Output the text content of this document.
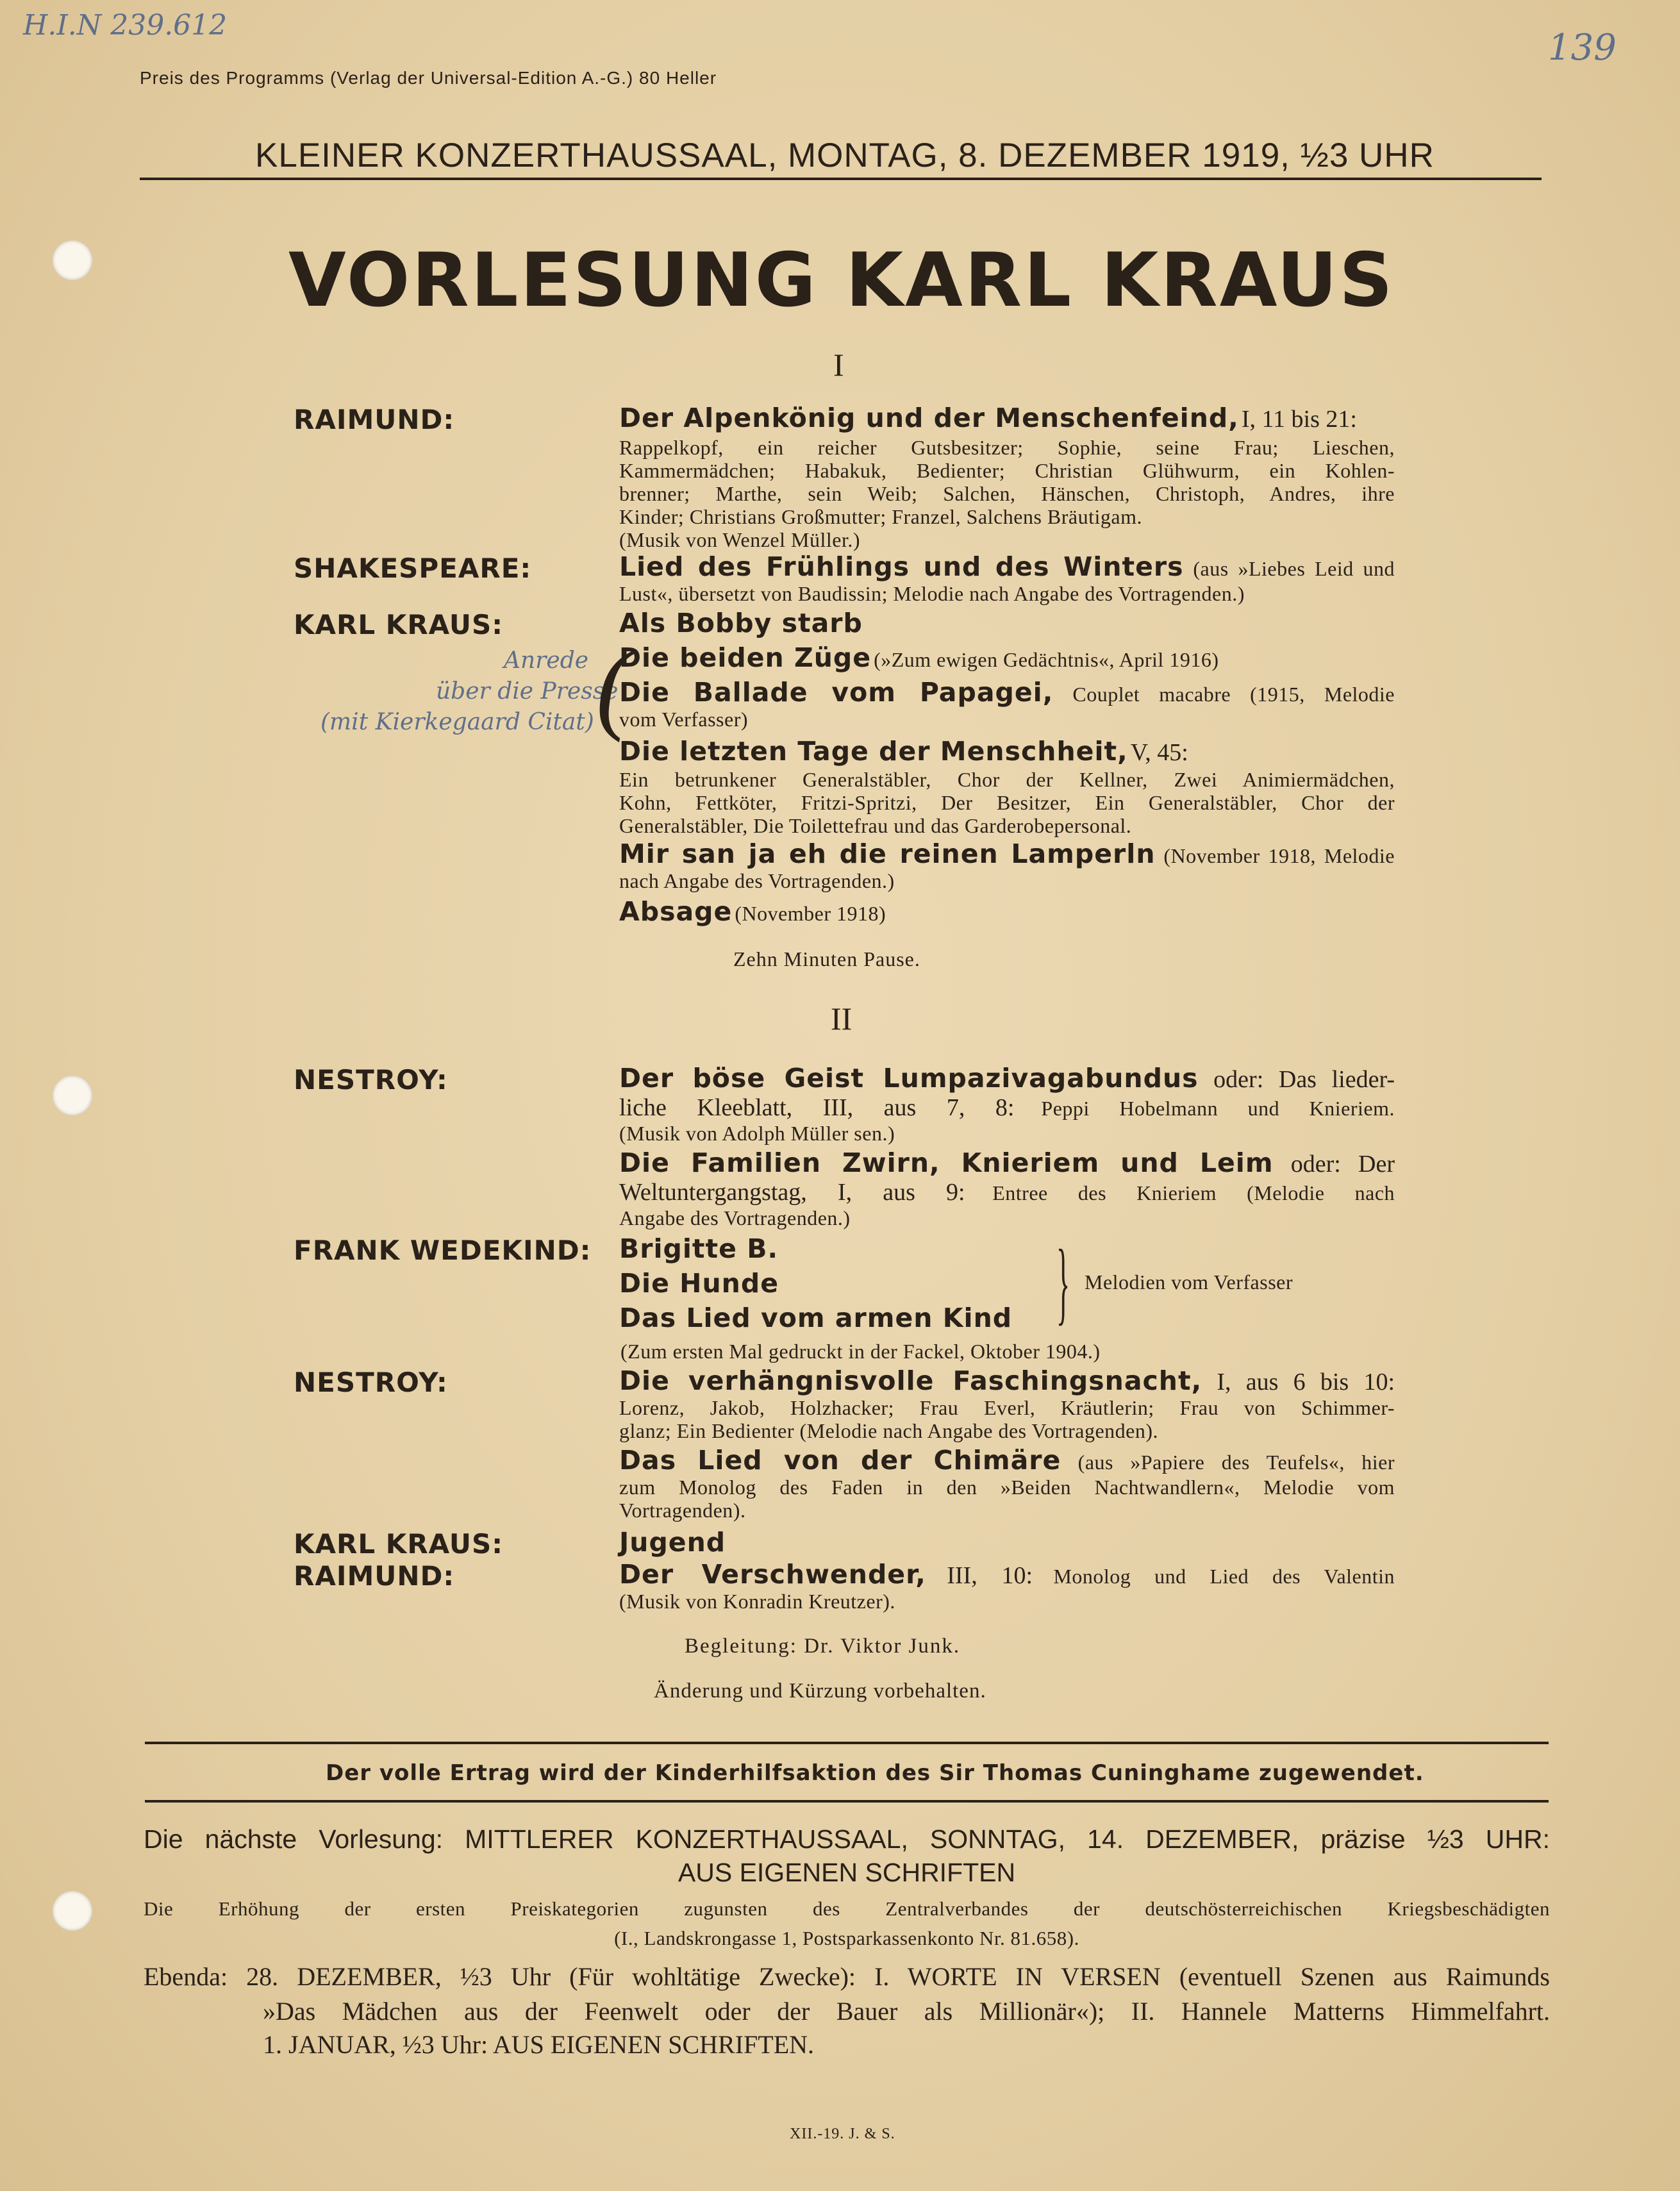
H.I.N 239.612
139
Preis des Programms (Verlag der Universal-Edition A.-G.) 80 Heller
KLEINER KONZERTHAUSSAAL, MONTAG, 8. DEZEMBER 1919, ½3 UHR
VORLESUNG KARL KRAUS
I
RAIMUND:	Der Alpenkönig und der Menschenfeind, I, 11 bis 21:
Rappelkopf, ein reicher Gutsbesitzer; Sophie, seine Frau; Lieschen,
Kammermädchen; Habakuk, Bedienter; Christian Glühwurm, ein Kohlen-
brenner; Marthe, sein Weib; Salchen, Hänschen, Christoph, Andres, ihre
Kinder; Christians Großmutter; Franzel, Salchens Bräutigam.
(Musik von Wenzel Müller.)
SHAKESPEARE:	Lied des Frühlings und des Winters (aus »Liebes Leid und
Lust«, übersetzt von Baudissin; Melodie nach Angabe des Vortragenden.)
KARL KRAUS:	Als Bobby starb
Die beiden Züge (»Zum ewigen Gedächtnis«, April 1916)
Die Ballade vom Papagei, Couplet macabre (1915, Melodie
vom Verfasser)
Anrede
über die Presse
(mit Kierkegaard Citat) (
Die letzten Tage der Menschheit, V, 45:
Ein betrunkener Generalstäbler, Chor der Kellner, Zwei Animiermädchen,
Kohn, Fettköter, Fritzi-Spritzi, Der Besitzer, Ein Generalstäbler, Chor der
Generalstäbler, Die Toilettefrau und das Garderobepersonal.
Mir san ja eh die reinen Lamperln (November 1918, Melodie
nach Angabe des Vortragenden.)
Absage (November 1918)
Zehn Minuten Pause.
II
NESTROY:	Der böse Geist Lumpazivagabundus oder: Das lieder-
liche Kleeblatt, III, aus 7, 8: Peppi Hobelmann und Knieriem.
(Musik von Adolph Müller sen.)
Die Familien Zwirn, Knieriem und Leim oder: Der
Weltuntergangstag, I, aus 9: Entree des Knieriem (Melodie nach
Angabe des Vortragenden.)
FRANK WEDEKIND: Brigitte B.
Die Hunde
Das Lied vom armen Kind	} Melodien vom Verfasser
(Zum ersten Mal gedruckt in der Fackel, Oktober 1904.)
NESTROY:	Die verhängnisvolle Faschingsnacht, I, aus 6 bis 10:
Lorenz, Jakob, Holzhacker; Frau Everl, Kräutlerin; Frau von Schimmer-
glanz; Ein Bedienter (Melodie nach Angabe des Vortragenden).
Das Lied von der Chimäre (aus »Papiere des Teufels«, hier
zum Monolog des Faden in den »Beiden Nachtwandlern«, Melodie vom
Vortragenden).
KARL KRAUS:	Jugend
RAIMUND:	Der Verschwender, III, 10: Monolog und Lied des Valentin
(Musik von Konradin Kreutzer).
Begleitung: Dr. Viktor Junk.
Änderung und Kürzung vorbehalten.
Der volle Ertrag wird der Kinderhilfsaktion des Sir Thomas Cuninghame zugewendet.
Die nächste Vorlesung: MITTLERER KONZERTHAUSSAAL, SONNTAG, 14. DEZEMBER, präzise ½3 UHR:
AUS EIGENEN SCHRIFTEN
Die Erhöhung der ersten Preiskategorien zugunsten des Zentralverbandes der deutschösterreichischen Kriegsbeschädigten
(I., Landskrongasse 1, Postsparkassenkonto Nr. 81.658).
Ebenda: 28. DEZEMBER, ½3 Uhr (Für wohltätige Zwecke): I. WORTE IN VERSEN (eventuell Szenen aus Raimunds
»Das Mädchen aus der Feenwelt oder der Bauer als Millionär«); II. Hannele Matterns Himmelfahrt.
1. JANUAR, ½3 Uhr: AUS EIGENEN SCHRIFTEN.
XII.-19. J. & S.
